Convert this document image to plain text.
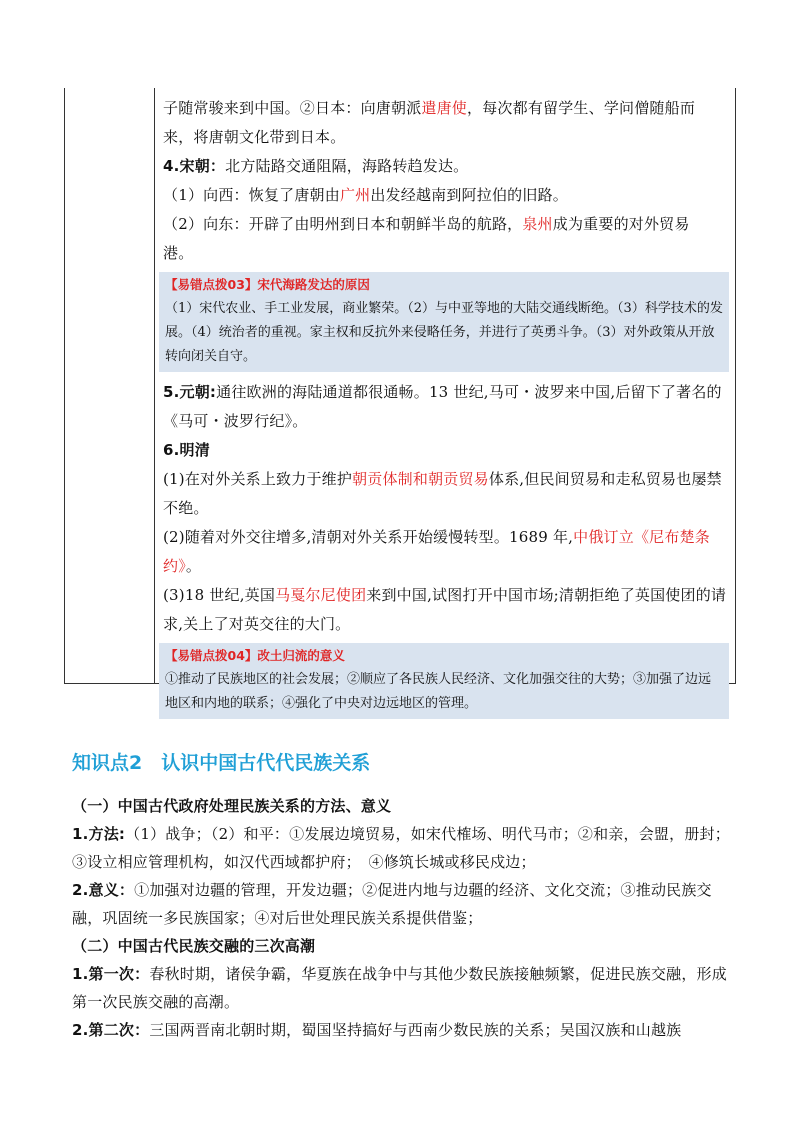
子随常骏来到中国。②日本：向唐朝派遣唐使，每次都有留学生、学问僧随船而

来，将唐朝文化带到日本。

4.宋朝：北方陆路交通阻隔，海路转趋发达。

（1）向西：恢复了唐朝由广州出发经越南到阿拉伯的旧路。

（2）向东：开辟了由明州到日本和朝鲜半岛的航路，泉州成为重要的对外贸易

港。

【易错点拨03】宋代海路发达的原因
（1）宋代农业、手工业发展，商业繁荣。（2）与中亚等地的大陆交通线断绝。（3）科学技术的发展。（4）统治者的重视。家主权和反抗外来侵略任务，并进行了英勇斗争。（3）对外政策从开放转向闭关自守。

5.元朝:通往欧洲的海陆通道都很通畅。13 世纪,马可・波罗来中国,后留下了著名的《马可・波罗行纪》。

6.明清

(1)在对外关系上致力于维护朝贡体制和朝贡贸易体系,但民间贸易和走私贸易也屡禁不绝。

(2)随着对外交往增多,清朝对外关系开始缓慢转型。1689 年,中俄订立《尼布楚条约》。

(3)18 世纪,英国马戛尔尼使团来到中国,试图打开中国市场;清朝拒绝了英国使团的请求,关上了对英交往的大门。

【易错点拨04】改土归流的意义
①推动了民族地区的社会发展；②顺应了各民族人民经济、文化加强交往的大势；③加强了边远地区和内地的联系；④强化了中央对边远地区的管理。
知识点2　认识中国古代代民族关系

（一）中国古代政府处理民族关系的方法、意义

1.方法:（1）战争；（2）和平：①发展边境贸易，如宋代榷场、明代马市；②和亲，会盟，册封；③设立相应管理机构，如汉代西域都护府；　④修筑长城或移民戍边；

2.意义：①加强对边疆的管理，开发边疆；②促进内地与边疆的经济、文化交流；③推动民族交融，巩固统一多民族国家；④对后世处理民族关系提供借鉴；

（二）中国古代民族交融的三次高潮

1.第一次：春秋时期，诸侯争霸，华夏族在战争中与其他少数民族接触频繁，促进民族交融，形成第一次民族交融的高潮。

2.第二次：三国两晋南北朝时期，蜀国坚持搞好与西南少数民族的关系；吴国汉族和山越族
